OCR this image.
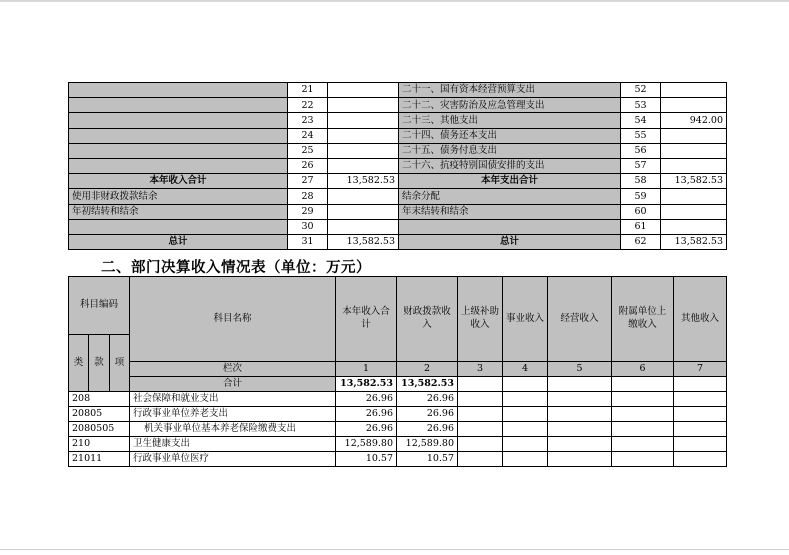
	21		二十一、国有资本经营预算支出	52	
	22		二十二、灾害防治及应急管理支出	53	
	23		二十三、其他支出	54	942.00
	24		二十四、债务还本支出	55	
	25		二十五、债务付息支出	56	
	26		二十六、抗疫特别国债安排的支出	57	
本年收入合计	27	13,582.53	本年支出合计	58	13,582.53
使用非财政拨款结余	28		结余分配	59	
年初结转和结余	29		年末结转和结余	60	
	30			61	
总计	31	13,582.53	总计	62	13,582.53
二、部门决算收入情况表（单位：万元）
科目编码			科目名称	本年收入合计	财政拨款收入	上级补助收入	事业收入	经营收入	附属单位上缴收入	其他收入
类	款	项								
			栏次	1	2	3	4	5	6	7
			合计	13,582.53	13,582.53					
208			社会保障和就业支出	26.96	26.96					
20805			行政事业单位养老支出	26.96	26.96					
2080505			机关事业单位基本养老保险缴费支出	26.96	26.96					
210			卫生健康支出	12,589.80	12,589.80					
21011			行政事业单位医疗	10.57	10.57					
